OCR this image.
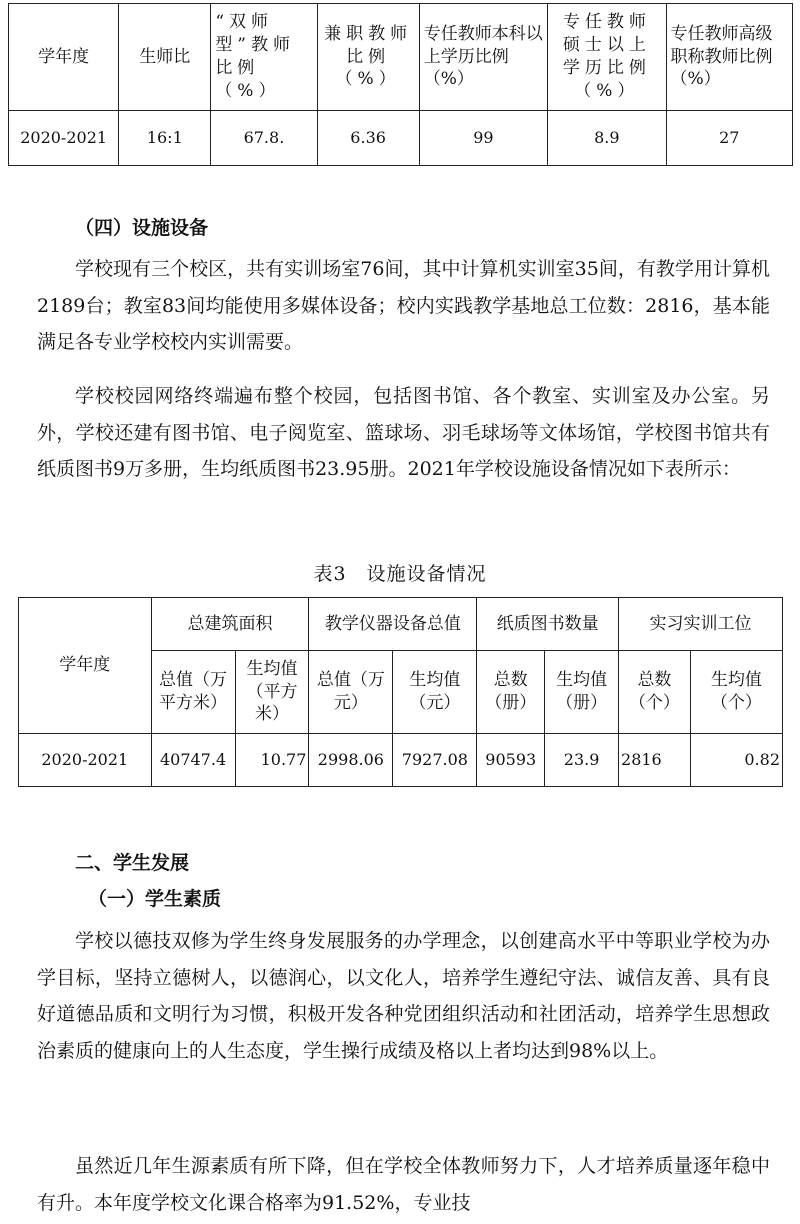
学年度	生师比	“双师型”教师比例（%）	兼职教师比例（%）	专任教师本科以上学历比例（%）	专任教师硕士以上学历比例（%）	专任教师高级职称教师比例（%）
2020-2021	16:1	67.8.	6.36	99	8.9	27
（四）设施设备

学校现有三个校区，共有实训场室76间，其中计算机实训室35间，有教学用计算机2189台；教室83间均能使用多媒体设备；校内实践教学基地总工位数：2816，基本能满足各专业学校校内实训需要。

学校校园网络终端遍布整个校园，包括图书馆、各个教室、实训室及办公室。另外，学校还建有图书馆、电子阅览室、篮球场、羽毛球场等文体场馆，学校图书馆共有纸质图书9万多册，生均纸质图书23.95册。2021年学校设施设备情况如下表所示：

表3　设施设备情况
学年度	总建筑面积		教学仪器设备总值		纸质图书数量		实习实训工位	
	总值（万平方米）	生均值（平方米）	总值（万元）	生均值（元）	总数（册）	生均值（册）	总数（个）	生均值（个）
2020-2021	40747.4	10.77	2998.06	7927.08	90593	23.9	2816	0.82
二、学生发展
（一）学生素质

学校以德技双修为学生终身发展服务的办学理念，以创建高水平中等职业学校为办学目标，坚持立德树人，以德润心，以文化人，培养学生遵纪守法、诚信友善、具有良好道德品质和文明行为习惯，积极开发各种党团组织活动和社团活动，培养学生思想政治素质的健康向上的人生态度，学生操行成绩及格以上者均达到98%以上。

虽然近几年生源素质有所下降，但在学校全体教师努力下，人才培养质量逐年稳中有升。本年度学校文化课合格率为91.52%，专业技
